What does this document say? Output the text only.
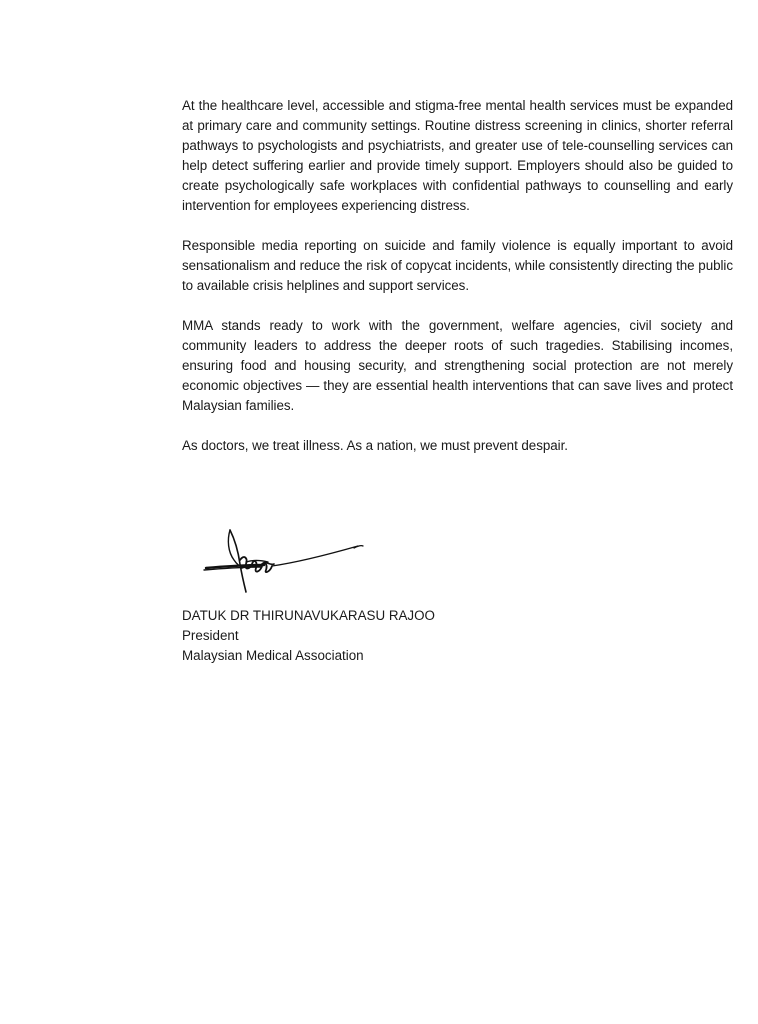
At the healthcare level, accessible and stigma-free mental health services must be expanded at primary care and community settings. Routine distress screening in clinics, shorter referral pathways to psychologists and psychiatrists, and greater use of tele-counselling services can help detect suffering earlier and provide timely support. Employers should also be guided to create psychologically safe workplaces with confidential pathways to counselling and early intervention for employees experiencing distress.

Responsible media reporting on suicide and family violence is equally important to avoid sensationalism and reduce the risk of copycat incidents, while consistently directing the public to available crisis helplines and support services.

MMA stands ready to work with the government, welfare agencies, civil society and community leaders to address the deeper roots of such tragedies. Stabilising incomes, ensuring food and housing security, and strengthening social protection are not merely economic objectives — they are essential health interventions that can save lives and protect Malaysian families.

As doctors, we treat illness. As a nation, we must prevent despair.

DATUK DR THIRUNAVUKARASU RAJOO

President

Malaysian Medical Association
